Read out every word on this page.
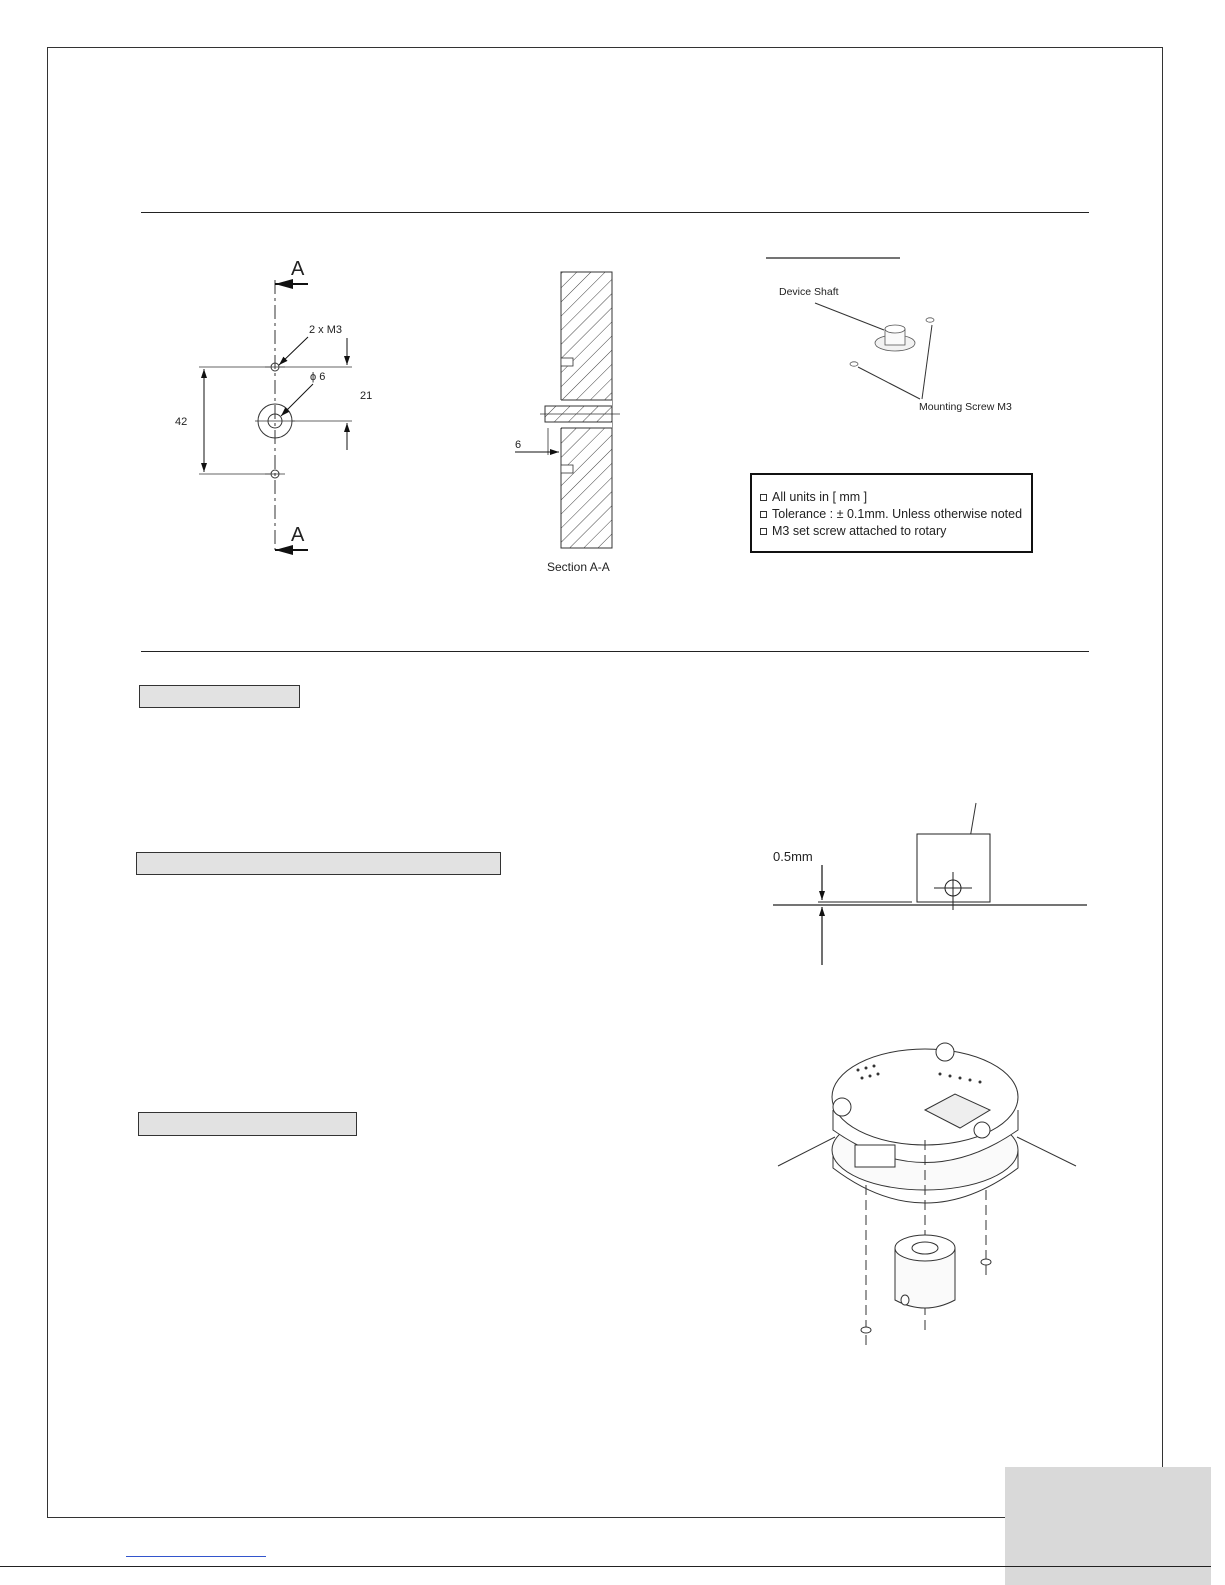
A
A
2 x M3
ϕ 6
42
21
6
Section A-A
Device Shaft
Mounting Screw M3
0.5mm
All units in [ mm ]
Tolerance : ± 0.1mm. Unless otherwise noted
M3 set screw attached to rotary
